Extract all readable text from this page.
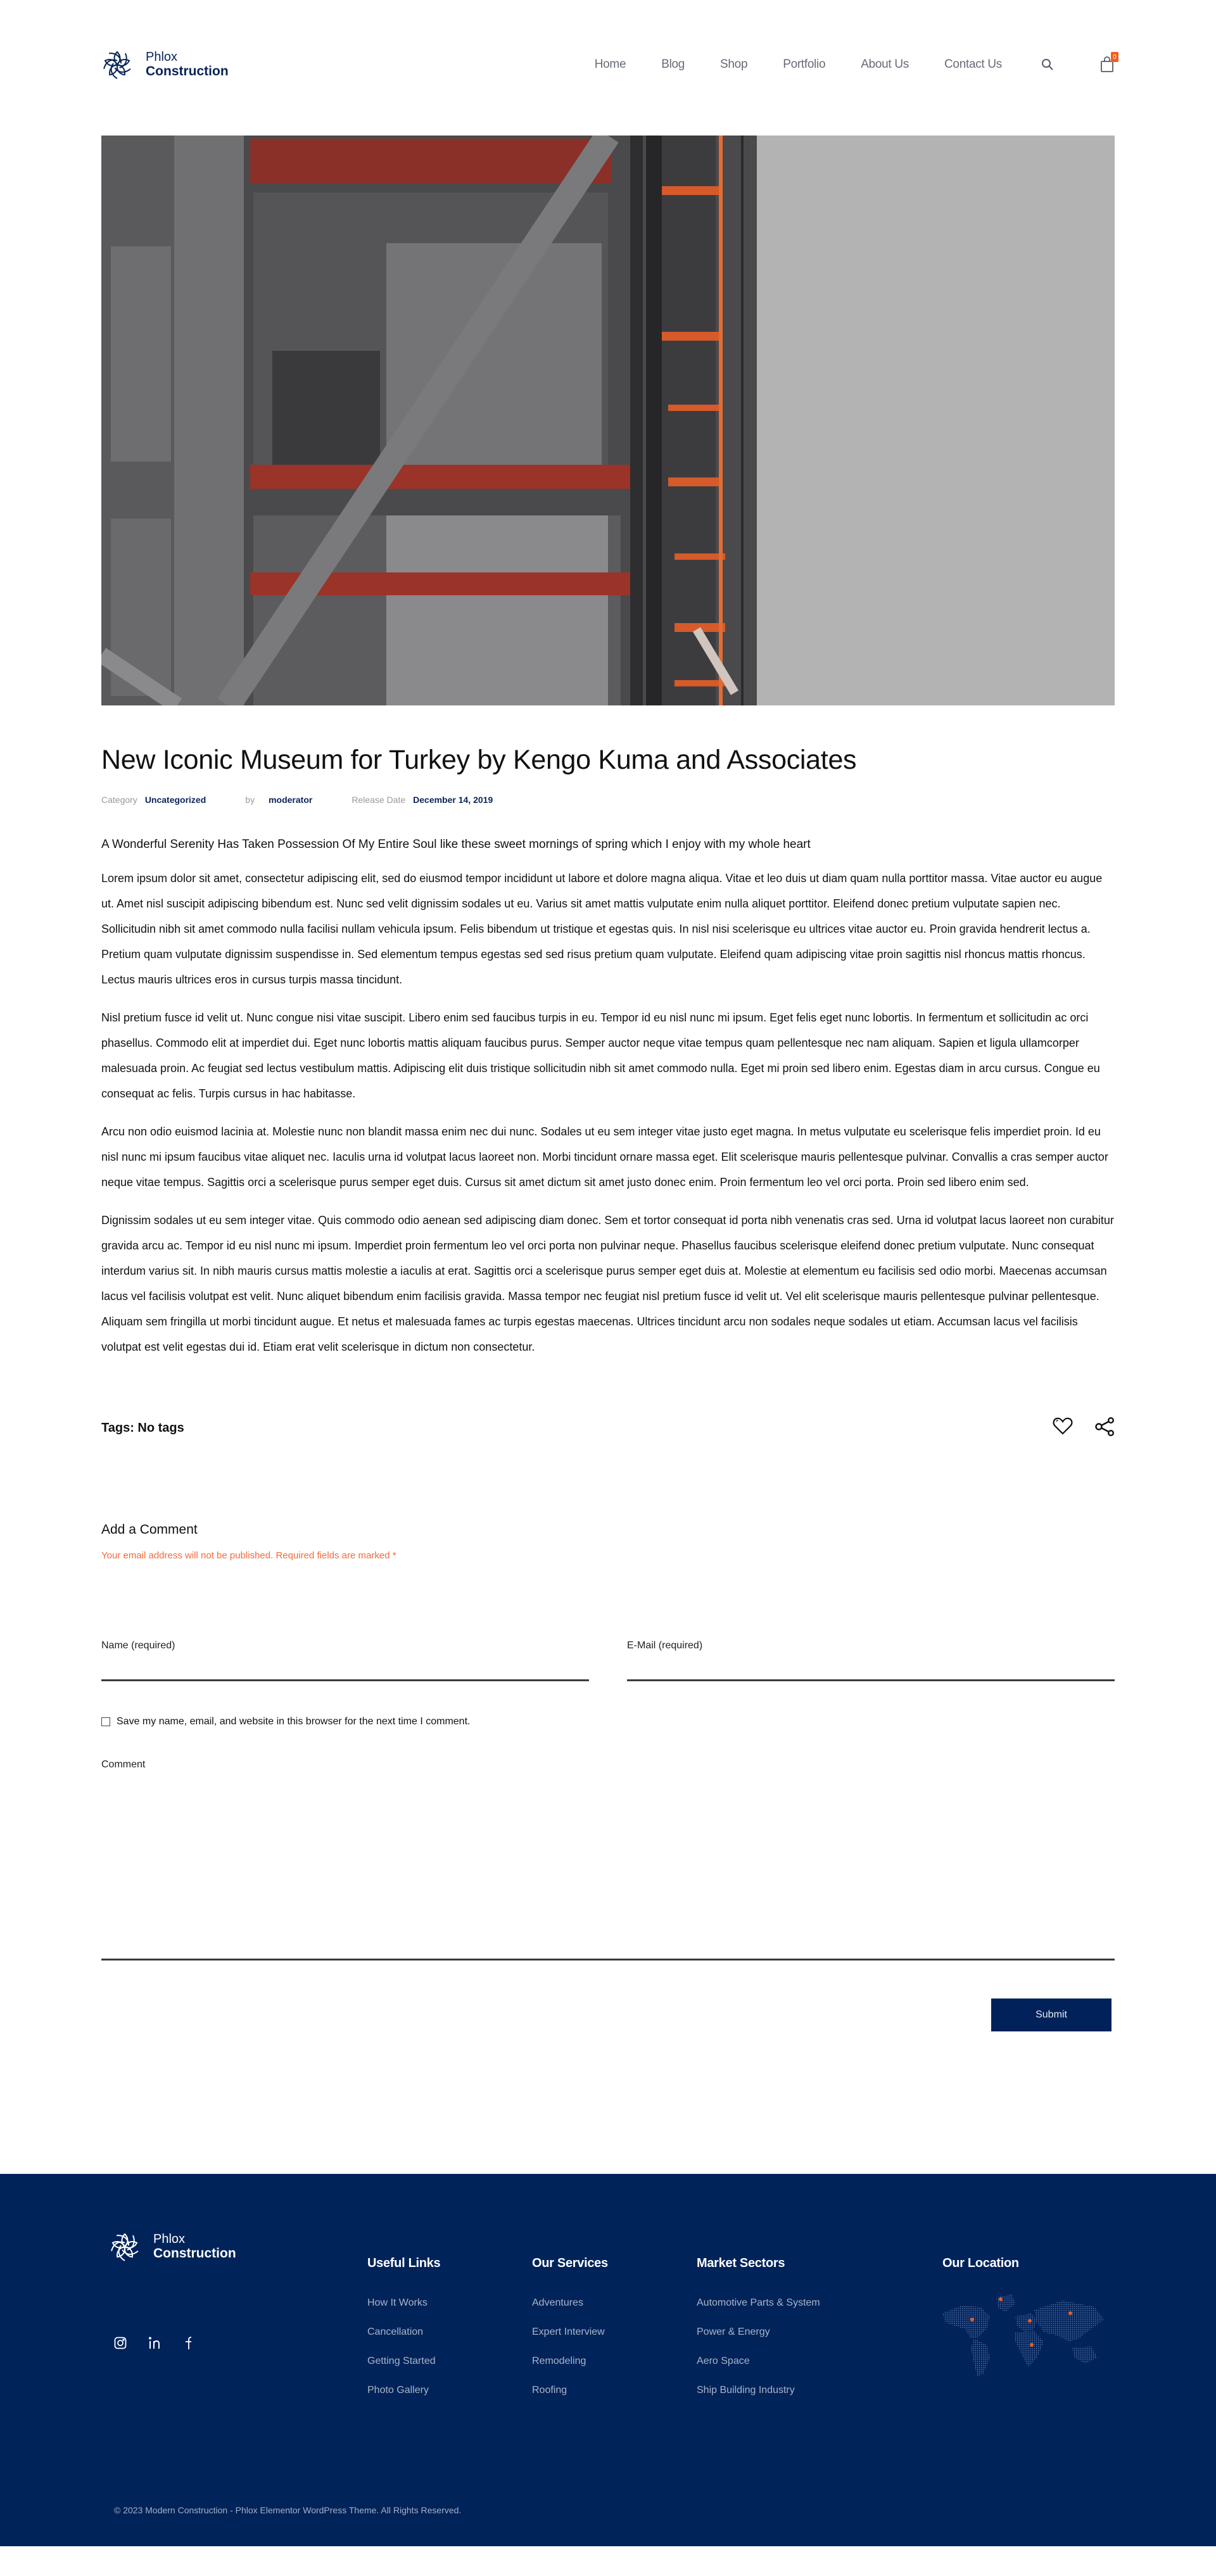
Phlox
Construction	Home	Blog	Shop	Portfolio	About Us	Contact Us
0
New Iconic Museum for Turkey by Kengo Kuma and Associates
Category Uncategorized	by moderator	Release Date December 14, 2019

A Wonderful Serenity Has Taken Possession Of My Entire Soul like these sweet mornings of spring which I enjoy with my whole heart

Lorem ipsum dolor sit amet, consectetur adipiscing elit, sed do eiusmod tempor incididunt ut labore et dolore magna aliqua. Vitae et leo duis ut diam quam nulla porttitor massa. Vitae auctor eu augue ut. Amet nisl suscipit adipiscing bibendum est. Nunc sed velit dignissim sodales ut eu. Varius sit amet mattis vulputate enim nulla aliquet porttitor. Eleifend donec pretium vulputate sapien nec. Sollicitudin nibh sit amet commodo nulla facilisi nullam vehicula ipsum. Felis bibendum ut tristique et egestas quis. In nisl nisi scelerisque eu ultrices vitae auctor eu. Proin gravida hendrerit lectus a. Pretium quam vulputate dignissim suspendisse in. Sed elementum tempus egestas sed sed risus pretium quam vulputate. Eleifend quam adipiscing vitae proin sagittis nisl rhoncus mattis rhoncus. Lectus mauris ultrices eros in cursus turpis massa tincidunt.

Nisl pretium fusce id velit ut. Nunc congue nisi vitae suscipit. Libero enim sed faucibus turpis in eu. Tempor id eu nisl nunc mi ipsum. Eget felis eget nunc lobortis. In fermentum et sollicitudin ac orci phasellus. Commodo elit at imperdiet dui. Eget nunc lobortis mattis aliquam faucibus purus. Semper auctor neque vitae tempus quam pellentesque nec nam aliquam. Sapien et ligula ullamcorper malesuada proin. Ac feugiat sed lectus vestibulum mattis. Adipiscing elit duis tristique sollicitudin nibh sit amet commodo nulla. Eget mi proin sed libero enim. Egestas diam in arcu cursus. Congue eu consequat ac felis. Turpis cursus in hac habitasse.

Arcu non odio euismod lacinia at. Molestie nunc non blandit massa enim nec dui nunc. Sodales ut eu sem integer vitae justo eget magna. In metus vulputate eu scelerisque felis imperdiet proin. Id eu nisl nunc mi ipsum faucibus vitae aliquet nec. Iaculis urna id volutpat lacus laoreet non. Morbi tincidunt ornare massa eget. Elit scelerisque mauris pellentesque pulvinar. Convallis a cras semper auctor neque vitae tempus. Sagittis orci a scelerisque purus semper eget duis. Cursus sit amet dictum sit amet justo donec enim. Proin fermentum leo vel orci porta. Proin sed libero enim sed.

Dignissim sodales ut eu sem integer vitae. Quis commodo odio aenean sed adipiscing diam donec. Sem et tortor consequat id porta nibh venenatis cras sed. Urna id volutpat lacus laoreet non curabitur gravida arcu ac. Tempor id eu nisl nunc mi ipsum. Imperdiet proin fermentum leo vel orci porta non pulvinar neque. Phasellus faucibus scelerisque eleifend donec pretium vulputate. Nunc consequat interdum varius sit. In nibh mauris cursus mattis molestie a iaculis at erat. Sagittis orci a scelerisque purus semper eget duis at. Molestie at elementum eu facilisis sed odio morbi. Maecenas accumsan lacus vel facilisis volutpat est velit. Nunc aliquet bibendum enim facilisis gravida. Massa tempor nec feugiat nisl pretium fusce id velit ut. Vel elit scelerisque mauris pellentesque pulvinar pellentesque. Aliquam sem fringilla ut morbi tincidunt augue. Et netus et malesuada fames ac turpis egestas maecenas. Ultrices tincidunt arcu non sodales neque sodales ut etiam. Accumsan lacus vel facilisis volutpat est velit egestas dui id. Etiam erat velit scelerisque in dictum non consectetur.

Tags: No tags
Add a Comment

Your email address will not be published. Required fields are marked *

Name (required)	E-Mail (required)
Save my name, email, and website in this browser for the next time I comment.
Comment
Submit
Phlox
Construction
Useful Links
How It Works
Cancellation
Getting Started
Photo Gallery
Our Services
Adventures
Expert Interview
Remodeling
Roofing
Market Sectors
Automotive Parts & System
Power & Energy
Aero Space
Ship Building Industry
Our Location
© 2023 Modern Construction - Phlox Elementor WordPress Theme. All Rights Reserved.
